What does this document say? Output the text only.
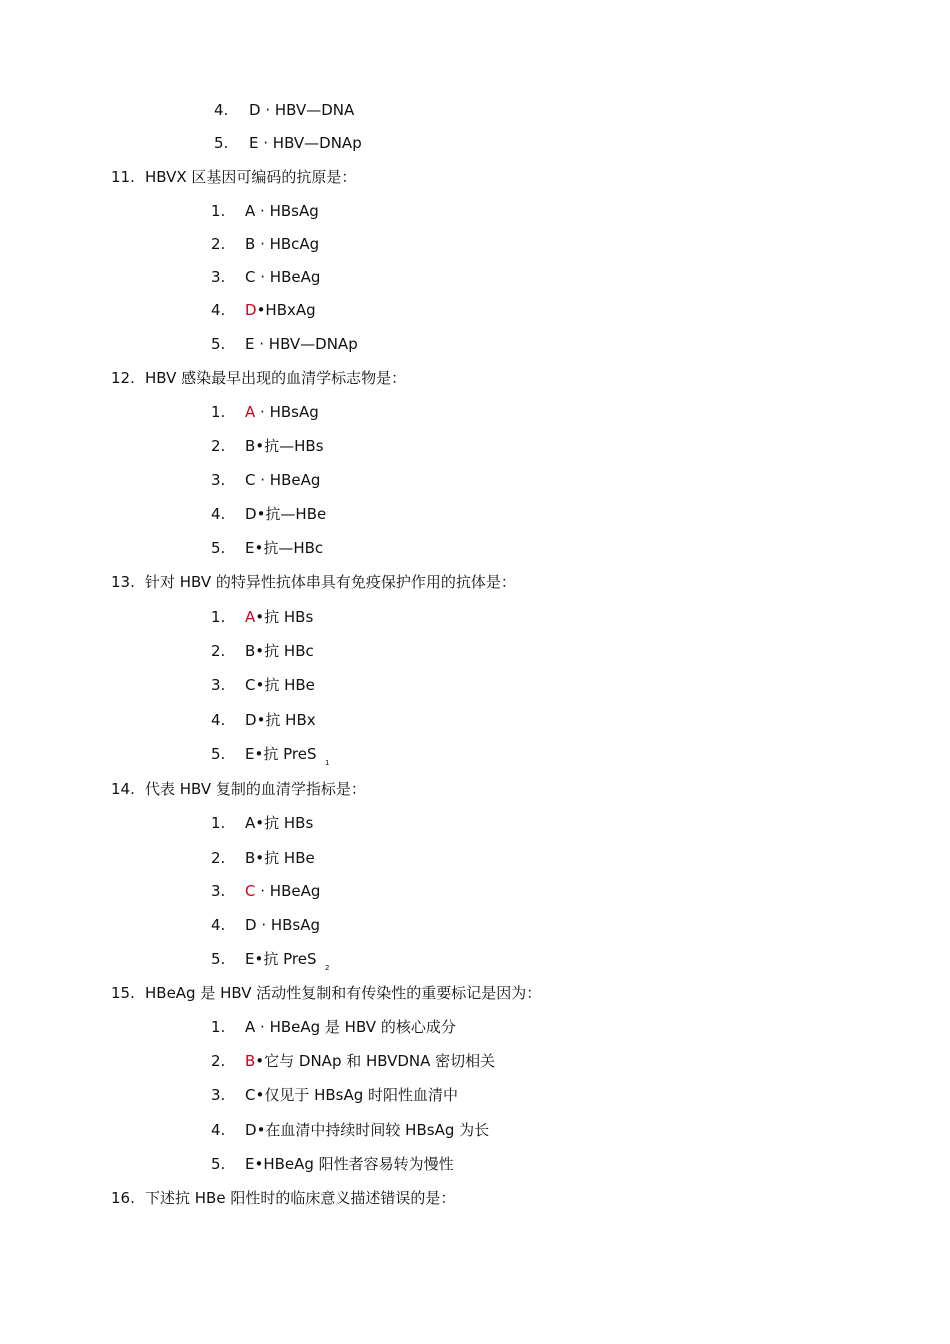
4. D · HBV—DNA
5. E · HBV—DNAp
11. HBVX 区基因可编码的抗原是：
1. A · HBsAg
2. B · HBcAg
3. C · HBeAg
4. D•HBxAg
5. E · HBV—DNAp
12. HBV 感染最早出现的血清学标志物是：
1. A · HBsAg
2. B•抗—HBs
3. C · HBeAg
4. D•抗—HBe
5. E•抗—HBc
13. 针对 HBV 的特异性抗体串具有免疫保护作用的抗体是：
1. A•抗 HBs
2. B•抗 HBc
3. C•抗 HBe
4. D•抗 HBx
5. E•抗 PreS 1
14. 代表 HBV 复制的血清学指标是：
1. A•抗 HBs
2. B•抗 HBe
3. C · HBeAg
4. D · HBsAg
5. E•抗 PreS 2
15. HBeAg 是 HBV 活动性复制和有传染性的重要标记是因为：
1. A · HBeAg 是 HBV 的核心成分
2. B•它与 DNAp 和 HBVDNA 密切相关
3. C•仅见于 HBsAg 时阳性血清中
4. D•在血清中持续时间较 HBsAg 为长
5. E•HBeAg 阳性者容易转为慢性
16. 下述抗 HBe 阳性时的临床意义描述错误的是：
